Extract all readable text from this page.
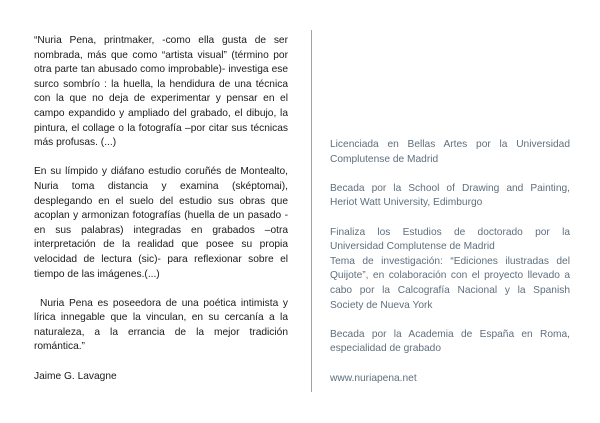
“Nuria Pena, printmaker, -como ella gusta de ser nombrada, más que como “artista visual” (término por otra parte tan abusado como improbable)- investiga ese surco sombrío : la huella, la hendidura de una técnica con la que no deja de experimentar y pensar en el campo expandido y ampliado del grabado, el dibujo, la pintura, el collage o la fotografía –por citar sus técnicas más profusas. (...)

En su límpido y diáfano estudio coruñés de Montealto, Nuria toma distancia y examina (sképtomai), desplegando en el suelo del estudio sus obras que acoplan y armonizan fotografías (huella de un pasado -en sus palabras) integradas en grabados –otra interpretación de la realidad que posee su propia velocidad de lectura (sic)- para reflexionar sobre el tiempo de las imágenes.(...)

Nuria Pena es poseedora de una poética intimista y lírica innegable que la vinculan, en su cercanía a la naturaleza, a la errancia de la mejor tradición romántica.”

Jaime G. Lavagne

Licenciada en Bellas Artes por la Universidad Complutense de Madrid

Becada por la School of Drawing and Painting, Heriot Watt University, Edimburgo

Finaliza los Estudios de doctorado por la Universidad Complutense de Madrid

Tema de investigación: “Ediciones ilustradas del Quijote”, en colaboración con el proyecto llevado a cabo por la Calcografía Nacional y la Spanish Society de Nueva York

Becada por la Academia de España en Roma, especialidad de grabado

www.nuriapena.net
